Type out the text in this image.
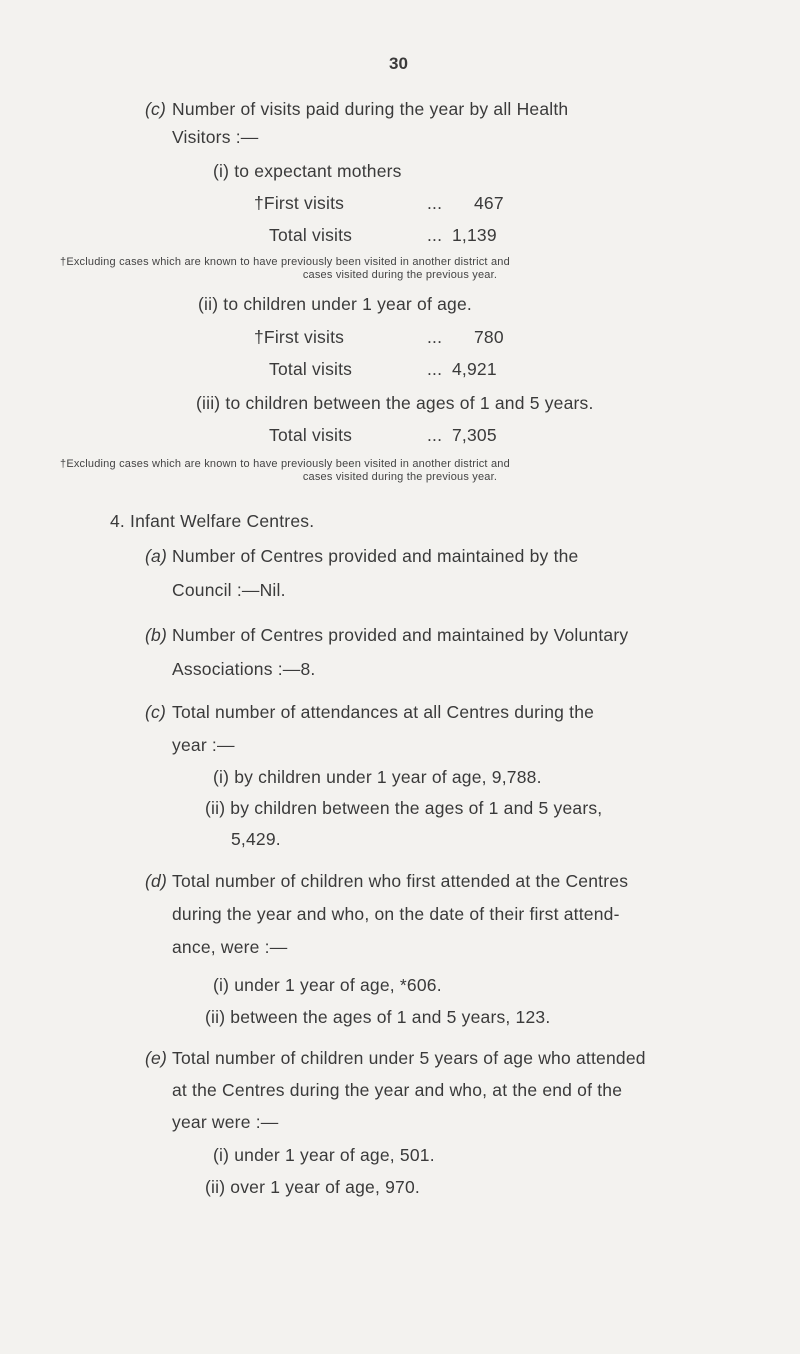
30
(c) Number of visits paid during the year by all Health
Visitors :—
(i) to expectant mothers
†First visits	... 467
Total visits	... 1,139
†Excluding cases which are known to have previously been visited in another district and
cases visited during the previous year.
(ii) to children under 1 year of age.
†First visits	... 780
Total visits	... 4,921
(iii) to children between the ages of 1 and 5 years.
Total visits	... 7,305
†Excluding cases which are known to have previously been visited in another district and
cases visited during the previous year.
4. Infant Welfare Centres.
(a) Number of Centres provided and maintained by the
Council :—Nil.
(b) Number of Centres provided and maintained by Voluntary
Associations :—8.
(c) Total number of attendances at all Centres during the
year :—
(i) by children under 1 year of age, 9,788.
(ii) by children between the ages of 1 and 5 years,
5,429.
(d) Total number of children who first attended at the Centres
during the year and who, on the date of their first attend-
ance, were :—
(i) under 1 year of age, *606.
(ii) between the ages of 1 and 5 years, 123.
(e) Total number of children under 5 years of age who attended
at the Centres during the year and who, at the end of the
year were :—
(i) under 1 year of age, 501.
(ii) over 1 year of age, 970.
